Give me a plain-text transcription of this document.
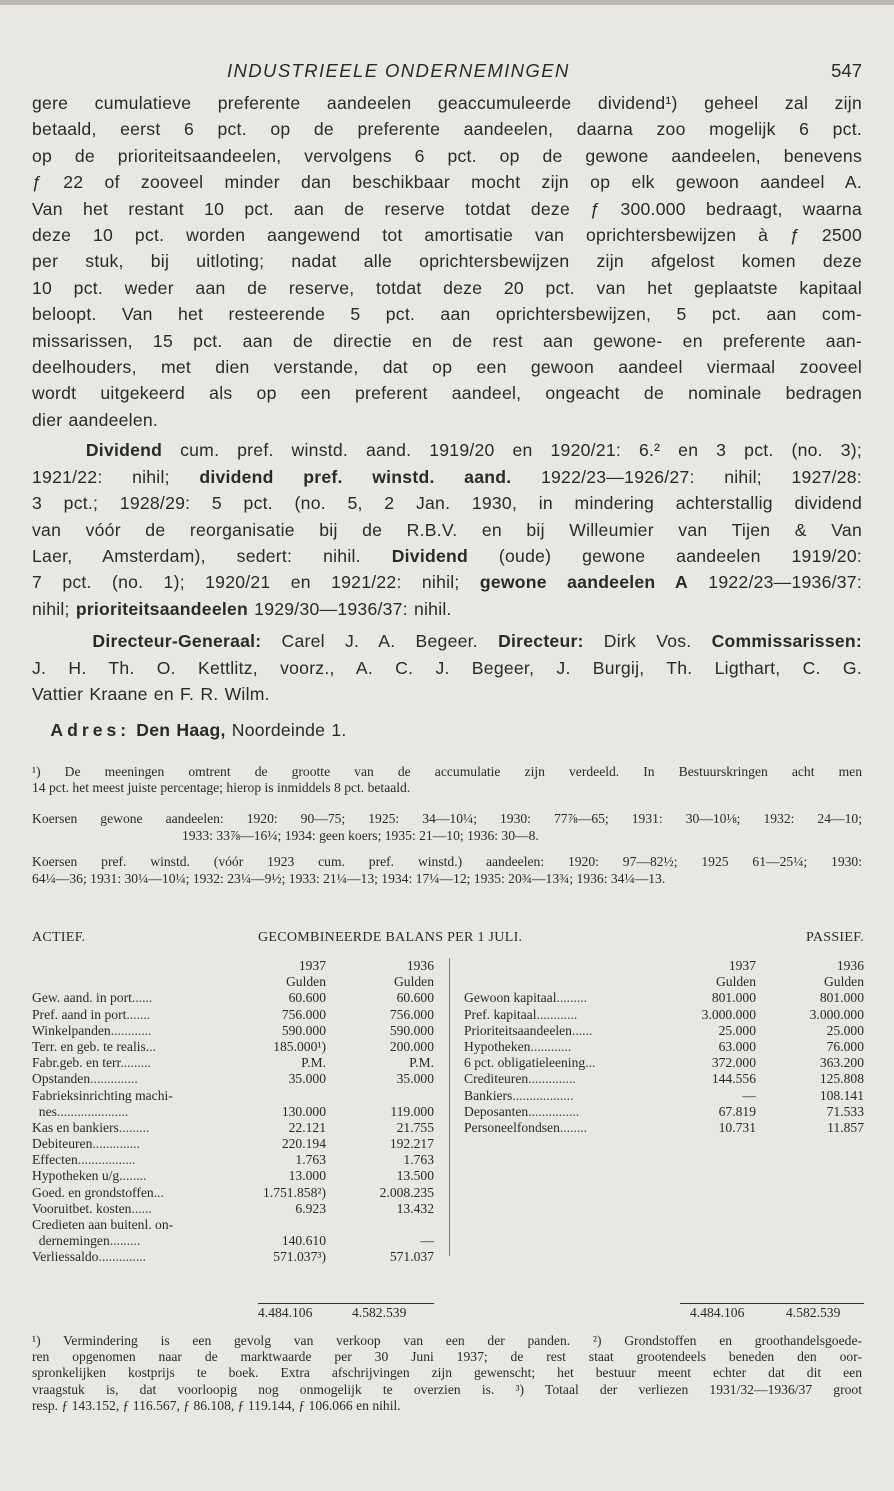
INDUSTRIEELE ONDERNEMINGEN	547
gere cumulatieve preferente aandeelen geaccumuleerde dividend¹) geheel zal zijn
betaald, eerst 6 pct. op de preferente aandeelen, daarna zoo mogelijk 6 pct.
op de prioriteitsaandeelen, vervolgens 6 pct. op de gewone aandeelen, benevens
ƒ 22 of zooveel minder dan beschikbaar mocht zijn op elk gewoon aandeel A.
Van het restant 10 pct. aan de reserve totdat deze ƒ 300.000 bedraagt, waarna
deze 10 pct. worden aangewend tot amortisatie van oprichtersbewijzen à ƒ 2500
per stuk, bij uitloting; nadat alle oprichtersbewijzen zijn afgelost komen deze
10 pct. weder aan de reserve, totdat deze 20 pct. van het geplaatste kapitaal
beloopt. Van het resteerende 5 pct. aan oprichtersbewijzen, 5 pct. aan com-
missarissen, 15 pct. aan de directie en de rest aan gewone- en preferente aan-
deelhouders, met dien verstande, dat op een gewoon aandeel viermaal zooveel
wordt uitgekeerd als op een preferent aandeel, ongeacht de nominale bedragen
dier aandeelen.
Dividend cum. pref. winstd. aand. 1919/20 en 1920/21: 6.² en 3 pct. (no. 3);
1921/22: nihil; dividend pref. winstd. aand. 1922/23—1926/27: nihil; 1927/28:
3 pct.; 1928/29: 5 pct. (no. 5, 2 Jan. 1930, in mindering achterstallig dividend
van vóór de reorganisatie bij de R.B.V. en bij Willeumier van Tijen & Van
Laer, Amsterdam), sedert: nihil. Dividend (oude) gewone aandeelen 1919/20:
7 pct. (no. 1); 1920/21 en 1921/22: nihil; gewone aandeelen A 1922/23—1936/37:
nihil; prioriteitsaandeelen 1929/30—1936/37: nihil.
Directeur-Generaal: Carel J. A. Begeer. Directeur: Dirk Vos. Commissarissen:
J. H. Th. O. Kettlitz, voorz., A. C. J. Begeer, J. Burgij, Th. Ligthart, C. G.
Vattier Kraane en F. R. Wilm.
Adres: Den Haag, Noordeinde 1.
¹) De meeningen omtrent de grootte van de accumulatie zijn verdeeld. In Bestuurskringen acht men
14 pct. het meest juiste percentage; hierop is inmiddels 8 pct. betaald.
Koersen gewone aandeelen: 1920: 90—75; 1925: 34—10¼; 1930: 77⅞—65; 1931: 30—10⅛; 1932: 24—10;
1933: 33⅞—16¼; 1934: geen koers; 1935: 21—10; 1936: 30—8.
Koersen pref. winstd. (vóór 1923 cum. pref. winstd.) aandeelen: 1920: 97—82½; 1925 61—25¼; 1930:
64¼—36; 1931: 30¼—10¼; 1932: 23¼—9½; 1933: 21¼—13; 1934: 17¼—12; 1935: 20¾—13¾; 1936: 34¼—13.
ACTIEF.	GECOMBINEERDE BALANS PER 1 JULI.	PASSIEF.
1937	1936
Gulden	Gulden
Gew. aand. in port......	60.600	60.600
Pref. aand in port.......	756.000	756.000
Winkelpanden............	590.000	590.000
Terr. en geb. te realis...	185.000¹)	200.000
Fabr.geb. en terr.........	P.M.	P.M.
Opstanden..............	35.000	35.000
Fabrieksinrichting machi-
nes.....................	130.000	119.000
Kas en bankiers.........	22.121	21.755
Debiteuren..............	220.194	192.217
Effecten.................	1.763	1.763
Hypotheken u/g........	13.000	13.500
Goed. en grondstoffen...	1.751.858²)	2.008.235
Vooruitbet. kosten......	6.923	13.432
Credieten aan buitenl. on-
dernemingen.........	140.610	—
Verliessaldo..............	571.037³)	571.037
1937	1936
Gulden	Gulden
Gewoon kapitaal.........	801.000	801.000
Pref. kapitaal............	3.000.000	3.000.000
Prioriteitsaandeelen......	25.000	25.000
Hypotheken............	63.000	76.000
6 pct. obligatieleening...	372.000	363.200
Crediteuren..............	144.556	125.808
Bankiers..................	—	108.141
Deposanten...............	67.819	71.533
Personeelfondsen........	10.731	11.857
4.484.106	4.582.539	4.484.106	4.582.539
¹) Vermindering is een gevolg van verkoop van een der panden. ²) Grondstoffen en groothandelsgoede-
ren opgenomen naar de marktwaarde per 30 Juni 1937; de rest staat grootendeels beneden den oor-
spronkelijken kostprijs te boek. Extra afschrijvingen zijn gewenscht; het bestuur meent echter dat dit een
vraagstuk is, dat voorloopig nog onmogelijk te overzien is. ³) Totaal der verliezen 1931/32—1936/37 groot
resp. ƒ 143.152, ƒ 116.567, ƒ 86.108, ƒ 119.144, ƒ 106.066 en nihil.
